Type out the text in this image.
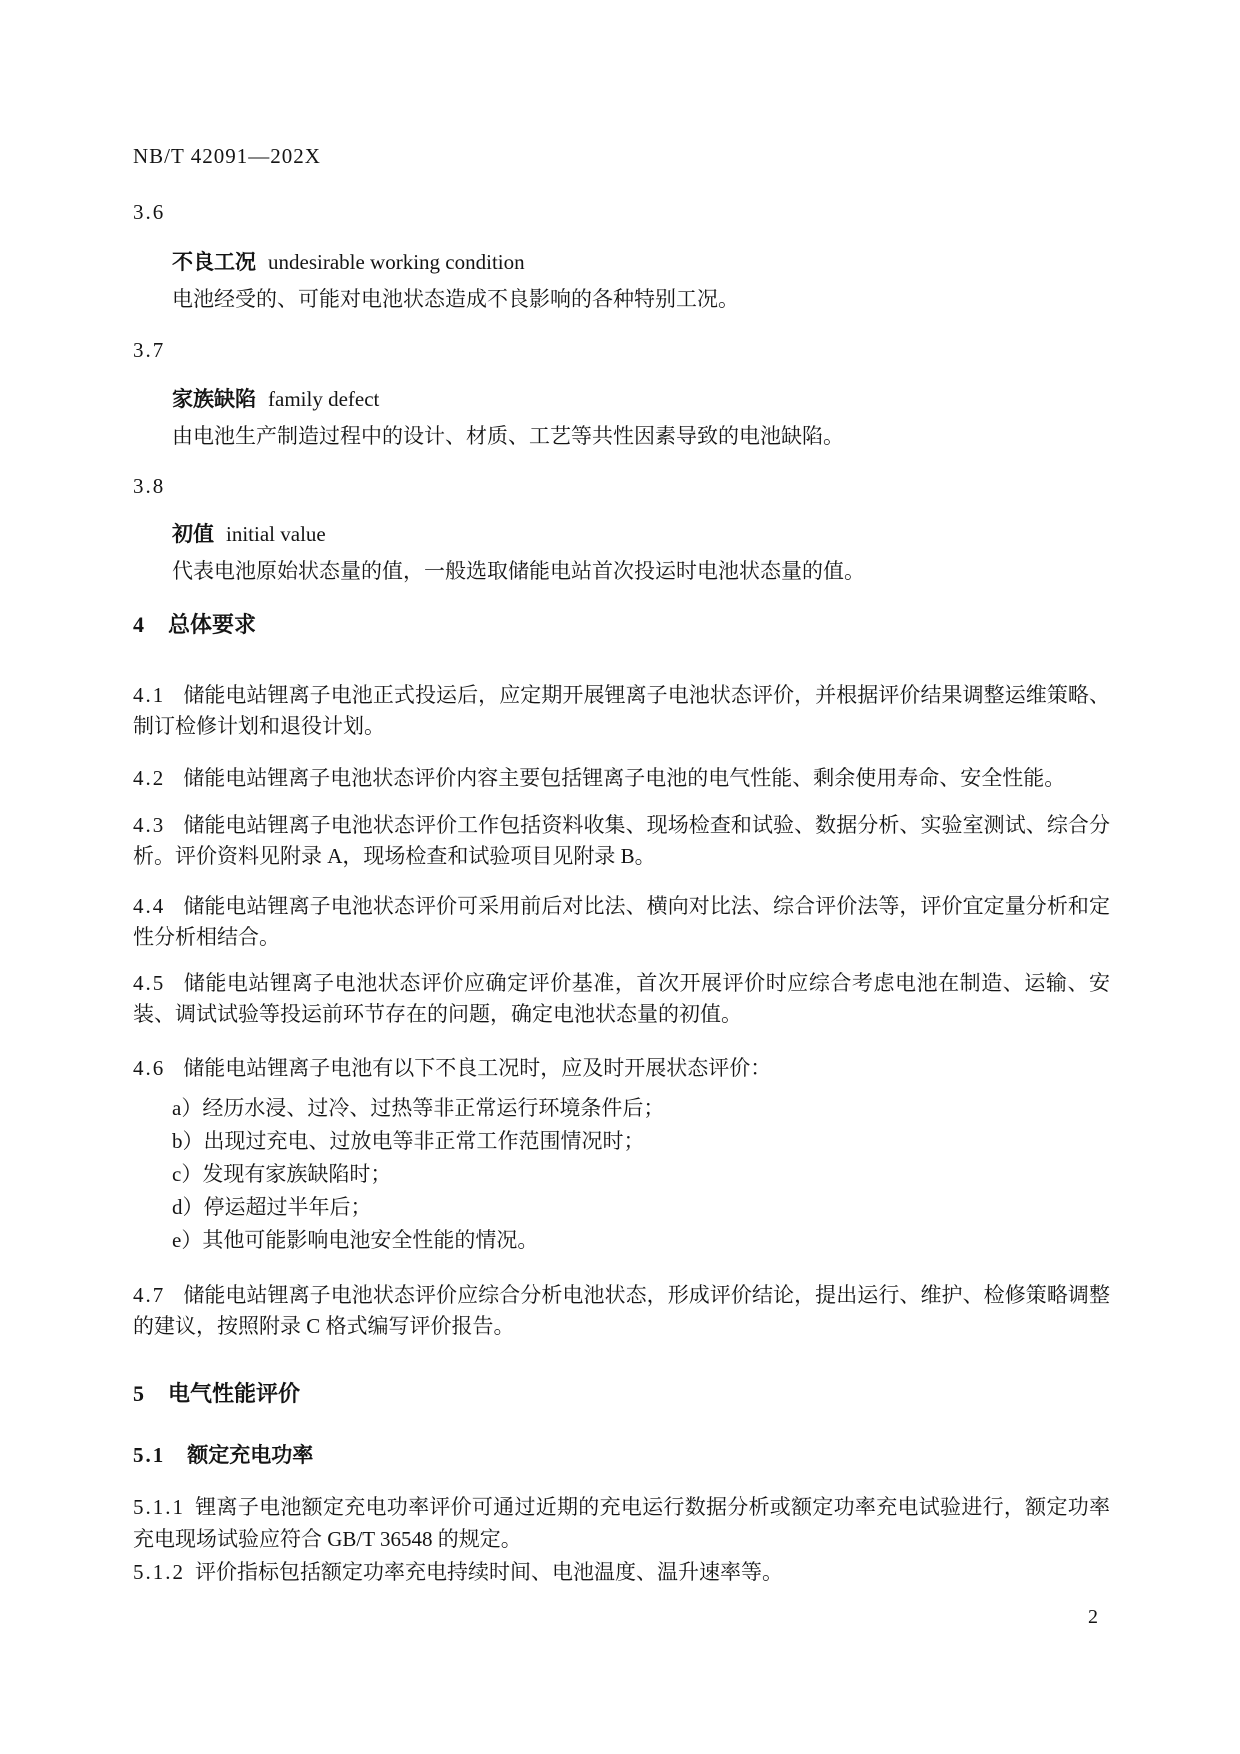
NB/T 42091—202X
3.6
不良工况 undesirable working condition
电池经受的、可能对电池状态造成不良影响的各种特别工况。
3.7
家族缺陷 family defect
由电池生产制造过程中的设计、材质、工艺等共性因素导致的电池缺陷。
3.8
初值 initial value
代表电池原始状态量的值，一般选取储能电站首次投运时电池状态量的值。
4 总体要求
4.1 储能电站锂离子电池正式投运后，应定期开展锂离子电池状态评价，并根据评价结果调整运维策略、制订检修计划和退役计划。
4.2 储能电站锂离子电池状态评价内容主要包括锂离子电池的电气性能、剩余使用寿命、安全性能。
4.3 储能电站锂离子电池状态评价工作包括资料收集、现场检查和试验、数据分析、实验室测试、综合分析。评价资料见附录 A，现场检查和试验项目见附录 B。
4.4 储能电站锂离子电池状态评价可采用前后对比法、横向对比法、综合评价法等，评价宜定量分析和定性分析相结合。
4.5 储能电站锂离子电池状态评价应确定评价基准，首次开展评价时应综合考虑电池在制造、运输、安装、调试试验等投运前环节存在的问题，确定电池状态量的初值。
4.6 储能电站锂离子电池有以下不良工况时，应及时开展状态评价：
a）经历水浸、过冷、过热等非正常运行环境条件后；
b）出现过充电、过放电等非正常工作范围情况时；
c）发现有家族缺陷时；
d）停运超过半年后；
e）其他可能影响电池安全性能的情况。
4.7 储能电站锂离子电池状态评价应综合分析电池状态，形成评价结论，提出运行、维护、检修策略调整的建议，按照附录 C 格式编写评价报告。
5 电气性能评价
5.1 额定充电功率
5.1.1 锂离子电池额定充电功率评价可通过近期的充电运行数据分析或额定功率充电试验进行，额定功率充电现场试验应符合 GB/T 36548 的规定。
5.1.2 评价指标包括额定功率充电持续时间、电池温度、温升速率等。
2
